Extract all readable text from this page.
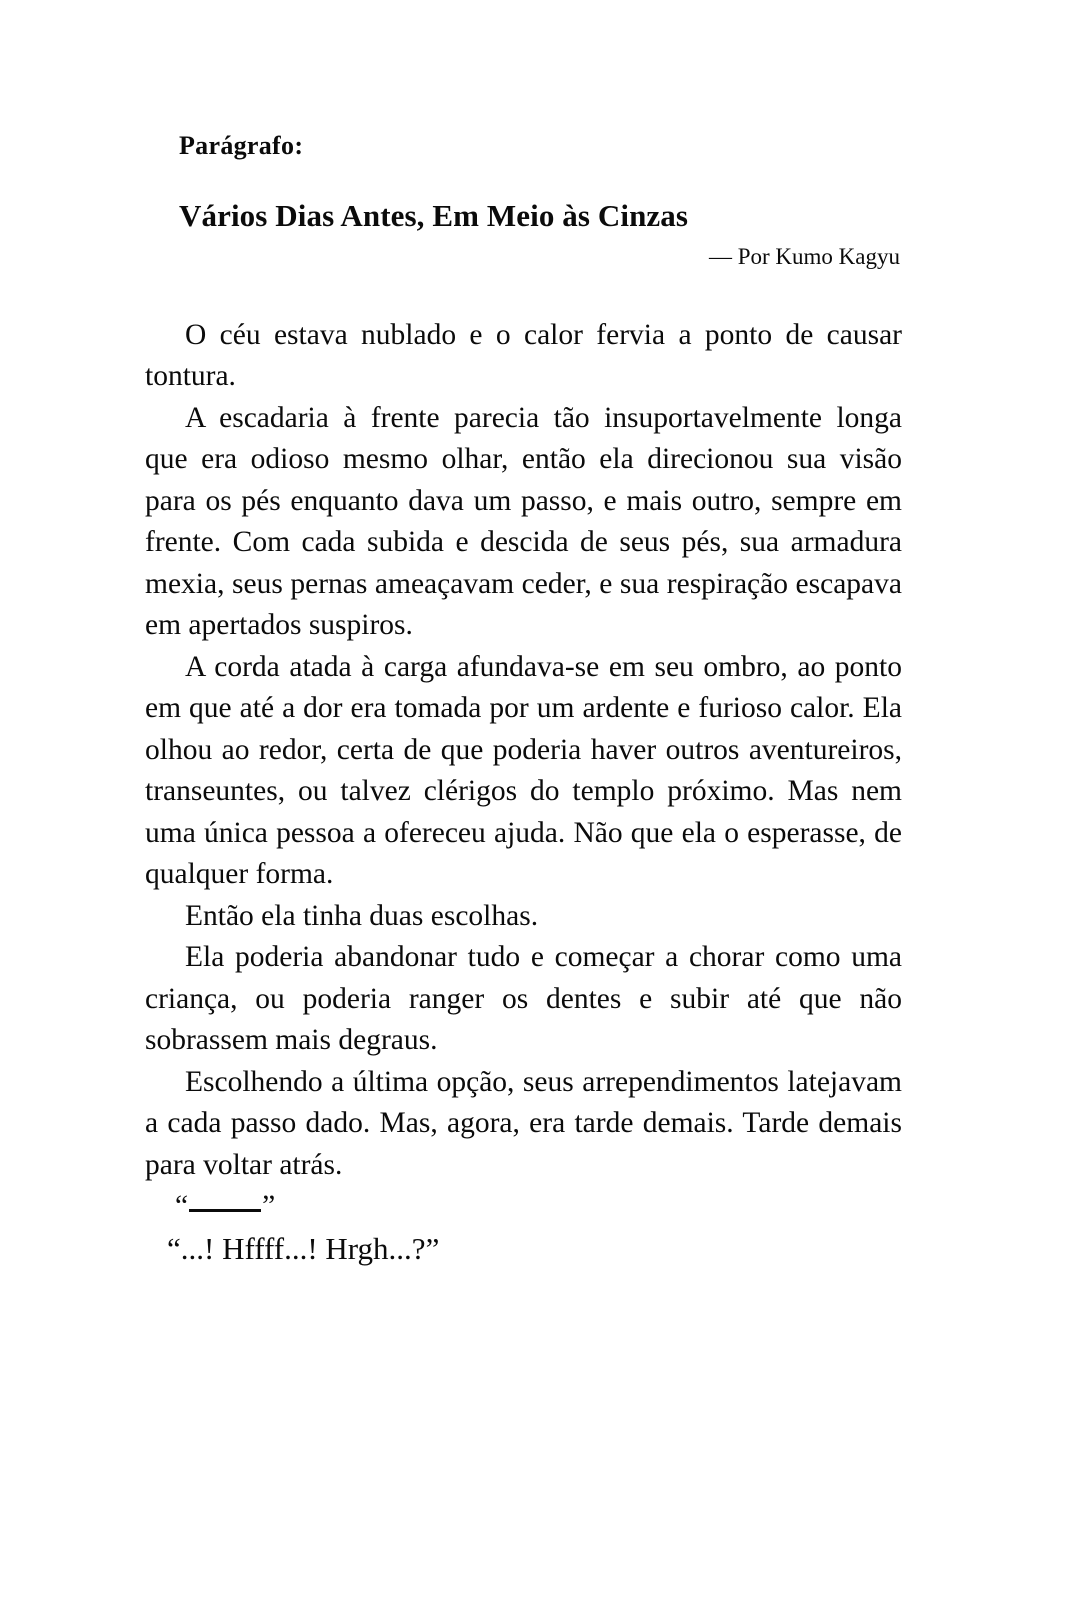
Parágrafo:

Vários Dias Antes, Em Meio às Cinzas

— Por Kumo Kagyu

O céu estava nublado e o calor fervia a ponto de causar tontura.

A escadaria à frente parecia tão insuportavelmente longa que era odioso mesmo olhar, então ela direcionou sua visão para os pés enquanto dava um passo, e mais outro, sempre em frente. Com cada subida e descida de seus pés, sua armadura mexia, seus pernas ameaçavam ceder, e sua respiração escapava em apertados suspiros.

A corda atada à carga afundava-se em seu ombro, ao ponto em que até a dor era tomada por um ardente e furioso calor. Ela olhou ao redor, certa de que poderia haver outros aventureiros, transeuntes, ou talvez clérigos do templo próximo. Mas nem uma única pessoa a ofereceu ajuda. Não que ela o esperasse, de qualquer forma.

Então ela tinha duas escolhas.

Ela poderia abandonar tudo e começar a chorar como uma criança, ou poderia ranger os dentes e subir até que não sobrassem mais degraus.

Escolhendo a última opção, seus arrependimentos latejavam a cada passo dado. Mas, agora, era tarde demais. Tarde demais para voltar atrás.

“	”

“...! Hffff...! Hrgh...?”
